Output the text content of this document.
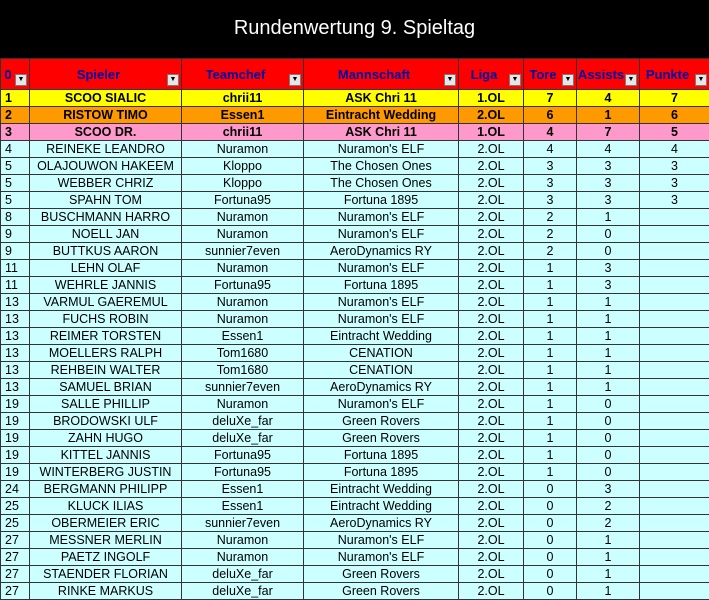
Rundenwertung 9. Spieltag
0 ▼	Spieler ▼	Teamchef ▼	Mannschaft ▼	Liga ▼	Tore ▼	Assists ▼	Punkte ▼

1	SCOO SIALIC	chrii11	ASK Chri 11	1.OL	7	4	7
2	RISTOW TIMO	Essen1	Eintracht Wedding	2.OL	6	1	6
3	SCOO DR.	chrii11	ASK Chri 11	1.OL	4	7	5
4	REINEKE LEANDRO	Nuramon	Nuramon's ELF	2.OL	4	4	4
5	OLAJOUWON HAKEEM	Kloppo	The Chosen Ones	2.OL	3	3	3
5	WEBBER CHRIZ	Kloppo	The Chosen Ones	2.OL	3	3	3
5	SPAHN TOM	Fortuna95	Fortuna 1895	2.OL	3	3	3
8	BUSCHMANN HARRO	Nuramon	Nuramon's ELF	2.OL	2	1	
9	NOELL JAN	Nuramon	Nuramon's ELF	2.OL	2	0	
9	BUTTKUS AARON	sunnier7even	AeroDynamics RY	2.OL	2	0	
11	LEHN OLAF	Nuramon	Nuramon's ELF	2.OL	1	3	
11	WEHRLE JANNIS	Fortuna95	Fortuna 1895	2.OL	1	3	
13	VARMUL GAEREMUL	Nuramon	Nuramon's ELF	2.OL	1	1	
13	FUCHS ROBIN	Nuramon	Nuramon's ELF	2.OL	1	1	
13	REIMER TORSTEN	Essen1	Eintracht Wedding	2.OL	1	1	
13	MOELLERS RALPH	Tom1680	CENATION	2.OL	1	1	
13	REHBEIN WALTER	Tom1680	CENATION	2.OL	1	1	
13	SAMUEL BRIAN	sunnier7even	AeroDynamics RY	2.OL	1	1	
19	SALLE PHILLIP	Nuramon	Nuramon's ELF	2.OL	1	0	
19	BRODOWSKI ULF	deluXe_far	Green Rovers	2.OL	1	0	
19	ZAHN HUGO	deluXe_far	Green Rovers	2.OL	1	0	
19	KITTEL JANNIS	Fortuna95	Fortuna 1895	2.OL	1	0	
19	WINTERBERG JUSTIN	Fortuna95	Fortuna 1895	2.OL	1	0	
24	BERGMANN PHILIPP	Essen1	Eintracht Wedding	2.OL	0	3	
25	KLUCK ILIAS	Essen1	Eintracht Wedding	2.OL	0	2	
25	OBERMEIER ERIC	sunnier7even	AeroDynamics RY	2.OL	0	2	
27	MESSNER MERLIN	Nuramon	Nuramon's ELF	2.OL	0	1	
27	PAETZ INGOLF	Nuramon	Nuramon's ELF	2.OL	0	1	
27	STAENDER FLORIAN	deluXe_far	Green Rovers	2.OL	0	1	
27	RINKE MARKUS	deluXe_far	Green Rovers	2.OL	0	1	
